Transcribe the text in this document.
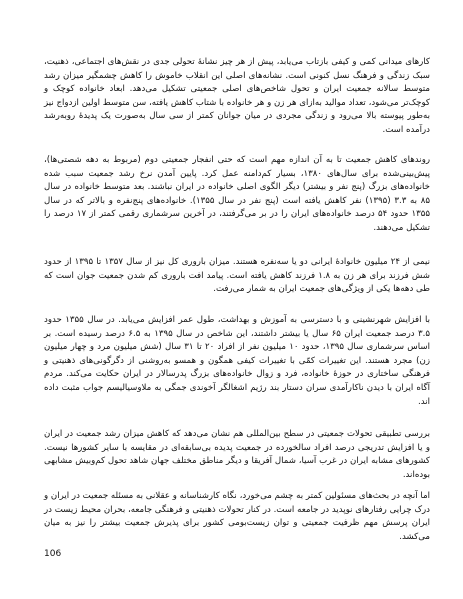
کارهای میدانی کمی و کیفی بازتاب می‌یابد، پیش از هر چیز نشانهٔ تحولی جدی در نقش‌های اجتماعی، ذهنیت، سبک زندگی و فرهنگ نسل کنونی است. نشانه‌های اصلی این انقلاب خاموش را کاهش چشمگیر میزان رشد متوسط سالانه جمعیت ایران و تحول شاخص‌های اصلی جمعیتی تشکیل می‌دهد. ابعاد خانواده کوچک و کوچک‌تر می‌شود، تعداد موالید به‌ازای هر زن و هر خانواده با شتاب کاهش یافته، سن متوسط اولین ازدواج نیز به‌طور پیوسته بالا می‌رود و زندگی مجردی در میان جوانان کمتر از سی سال به‌صورت یک پدیدهٔ روبه‌رشد درآمده است.

روندهای کاهش جمعیت تا به آن اندازه مهم است که حتی انفجار جمعیتی دوم (مربوط به دهه شصتی‌ها)، پیش‌بینی‌شده برای سال‌های ۱۳۸۰، بسیار کم‌دامنه عمل کرد. پایین آمدن نرخ رشد جمعیت سبب شده خانواده‌های بزرگ (پنج نفر و بیشتر) دیگر الگوی اصلی خانواده در ایران نباشند. بعد متوسط خانواده در سال ۸۵ به ۳.۳ (۱۳۹۵) نفر کاهش یافته است (پنج نفر در سال ۱۳۵۵). خانواده‌های پنج‌نفره و بالاتر که در سال ۱۳۵۵ حدود ۵۴ درصد خانواده‌های ایران را در بر می‌گرفتند، در آخرین سرشماری رقمی کمتر از ۱۷ درصد را تشکیل می‌دهند.

نیمی از ۲۴ میلیون خانوادهٔ ایرانی دو یا سه‌نفره هستند. میزان باروری کل نیز از سال ۱۳۵۷ تا ۱۳۹۵ از حدود شش فرزند برای هر زن به ۱.۸ فرزند کاهش یافته است. پیامد افت باروری کم شدن جمعیت جوان است که طی دهه‌ها یکی از ویژگی‌های جمعیت ایران به شمار می‌رفت.

با افزایش شهرنشینی و با دسترسی به آموزش و بهداشت، طول عمر افزایش می‌یابد. در سال ۱۳۵۵ حدود ۳.۵ درصد جمعیت ایران ۶۵ سال یا بیشتر داشتند، این شاخص در سال ۱۳۹۵ به ۶.۵ درصد رسیده است. بر اساس سرشماری سال ۱۳۹۵، حدود ۱۰ میلیون نفر از افراد ۲۰ تا ۳۱ سال (شش میلیون مرد و چهار میلیون زن) مجرد هستند. این تغییرات کمّی با تغییرات کیفی همگون و همسو به‌روشنی از دگرگونی‌های ذهنیتی و فرهنگی ساختاری در حوزهٔ خانواده، فرد و زوال خانواده‌های بزرگ پدرسالار در ایران حکایت می‌کند. مردم آگاه ایران با دیدن ناکارآمدی سران دستار بند رژیم اشغالگر آخوندی جمگی به ملاوسیالیسم جواب مثبت داده اند.

بررسی تطبیقی تحولات جمعیتی در سطح بین‌المللی هم نشان می‌دهد که کاهش میزان رشد جمعیت در ایران و یا افزایش تدریجی درصد افراد سالخورده در جمعیت پدیده بی‌سابقه‌ای در مقایسه با سایر کشورها نیست. کشورهای مشابه ایران در غرب آسیا، شمال آفریقا و دیگر مناطق مختلف جهان شاهد تحول کم‌وبیش مشابهی بوده‌اند.

اما آنچه در بحث‌های مسئولین کمتر به چشم می‌خورد، نگاه کارشناسانه و عقلانی به مسئله جمعیت در ایران و درک چرایی رفتارهای نوپدید در جامعه است. در کنار تحولات ذهنیتی و فرهنگی جامعه، بحران محیط زیست در ایران پرسش مهم ظرفیت جمعیتی و توان زیست‌بومی کشور برای پذیرش جمعیت بیشتر را نیز به میان می‌کشد.

106
